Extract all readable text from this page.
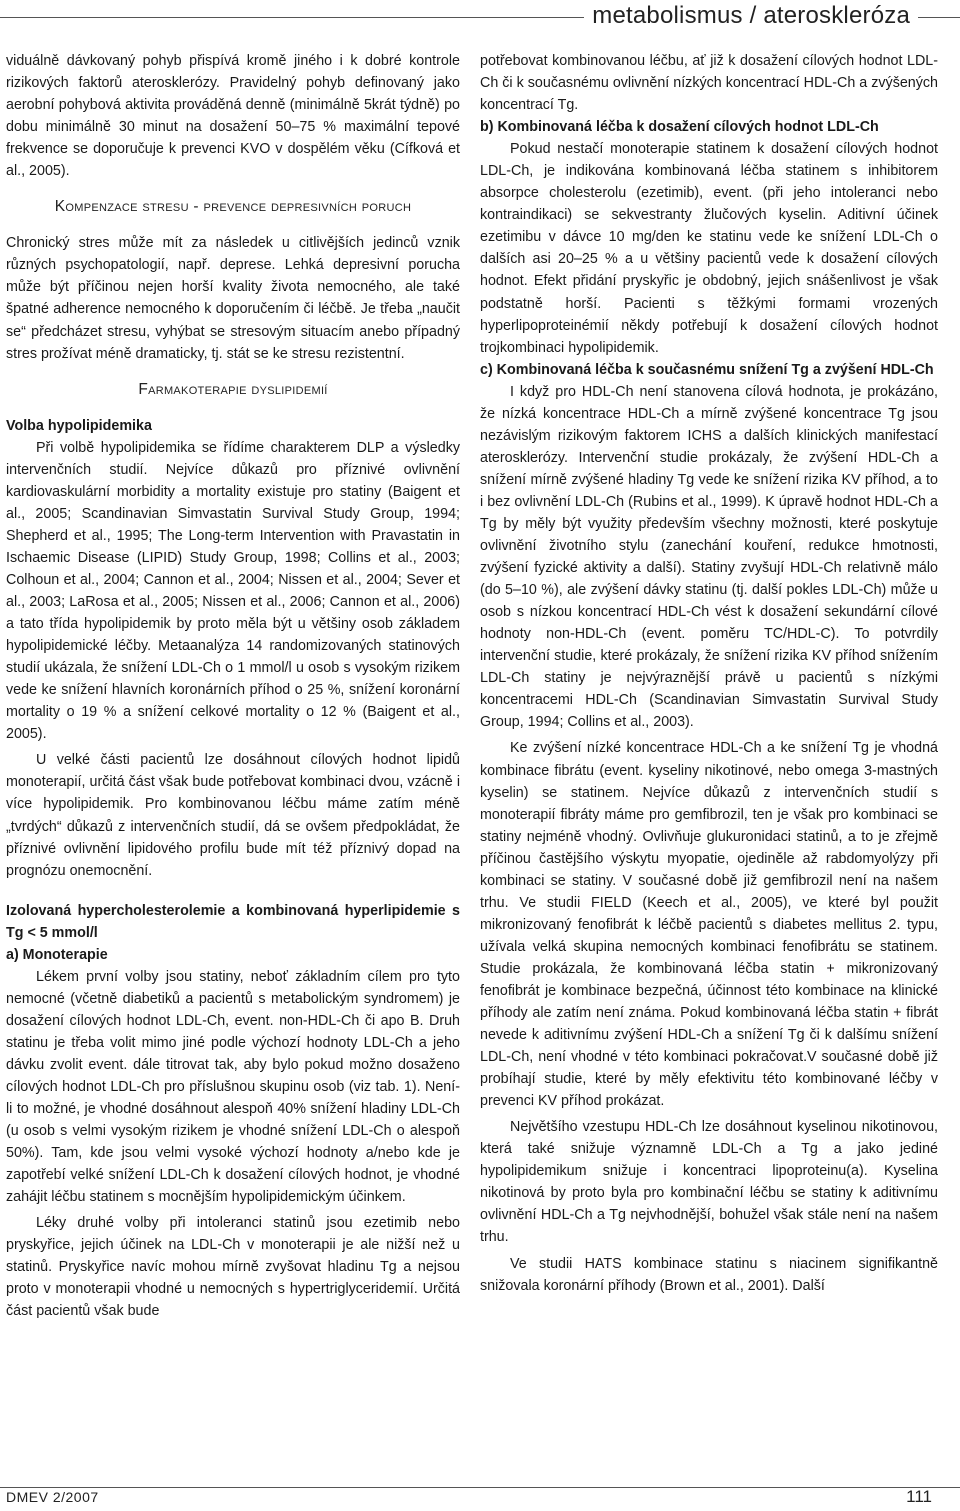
metabolismus / ateroskleróza

viduálně dávkovaný pohyb přispívá kromě jiného i k dobré kontrole rizikových faktorů aterosklerózy. Pravidelný pohyb definovaný jako aerobní pohybová aktivita prováděná denně (minimálně 5krát týdně) po dobu minimálně 30 minut na dosažení 50–75 % maximální tepové frekvence se doporučuje k prevenci KVO v dospělém věku (Cífková et al., 2005).

Kompenzace stresu - prevence depresivních poruch

Chronický stres může mít za následek u citlivějších jedinců vznik různých psychopatologií, např. deprese. Lehká depresivní porucha může být příčinou nejen horší kvality života nemocného, ale také špatné adherence nemocného k doporučením či léčbě. Je třeba „naučit se“ předcházet stresu, vyhýbat se stresovým situacím anebo případný stres prožívat méně dramaticky, tj. stát se ke stresu rezistentní.

Farmakoterapie dyslipidemií

Volba hypolipidemika

Při volbě hypolipidemika se řídíme charakterem DLP a výsledky intervenčních studií. Nejvíce důkazů pro příznivé ovlivnění kardiovaskulární morbidity a mortality existuje pro statiny (Baigent et al., 2005; Scandinavian Simvastatin Survival Study Group, 1994; Shepherd et al., 1995; The Long-term Intervention with Pravastatin in Ischaemic Disease (LIPID) Study Group, 1998; Collins et al., 2003; Colhoun et al., 2004; Cannon et al., 2004; Nissen et al., 2004; Sever et al., 2003; LaRosa et al., 2005; Nissen et al., 2006; Cannon et al., 2006) a tato třída hypolipidemik by proto měla být u většiny osob základem hypolipidemické léčby. Metaanalýza 14 randomizovaných statinových studií ukázala, že snížení LDL-Ch o 1 mmol/l u osob s vysokým rizikem vede ke snížení hlavních koronárních příhod o 25 %, snížení koronární mortality o 19 % a snížení celkové mortality o 12 % (Baigent et al., 2005).

U velké části pacientů lze dosáhnout cílových hodnot lipidů monoterapií, určitá část však bude potřebovat kombinaci dvou, vzácně i více hypolipidemik. Pro kombinovanou léčbu máme zatím méně „tvrdých“ důkazů z intervenčních studií, dá se ovšem předpokládat, že příznivé ovlivnění lipidového profilu bude mít též příznivý dopad na prognózu onemocnění.

Izolovaná hypercholesterolemie a kombinovaná hyperlipidemie s Tg < 5 mmol/l

a) Monoterapie

Lékem první volby jsou statiny, neboť základním cílem pro tyto nemocné (včetně diabetiků a pacientů s metabolickým syndromem) je dosažení cílových hodnot LDL-Ch, event. non-HDL-Ch či apo B. Druh statinu je třeba volit mimo jiné podle výchozí hodnoty LDL-Ch a jeho dávku zvolit event. dále titrovat tak, aby bylo pokud možno dosaženo cílových hodnot LDL-Ch pro příslušnou skupinu osob (viz tab. 1). Není-li to možné, je vhodné dosáhnout alespoň 40% snížení hladiny LDL-Ch (u osob s velmi vysokým rizikem je vhodné snížení LDL-Ch o alespoň 50%). Tam, kde jsou velmi vysoké výchozí hodnoty a/nebo kde je zapotřebí velké snížení LDL-Ch k dosažení cílových hodnot, je vhodné zahájit léčbu statinem s mocnějším hypolipidemickým účinkem.

Léky druhé volby při intoleranci statinů jsou ezetimib nebo pryskyřice, jejich účinek na LDL-Ch v monoterapii je ale nižší než u statinů. Pryskyřice navíc mohou mírně zvyšovat hladinu Tg a nejsou proto v monoterapii vhodné u nemocných s hypertriglyceridemií. Určitá část pacientů však bude

potřebovat kombinovanou léčbu, ať již k dosažení cílových hodnot LDL-Ch či k současnému ovlivnění nízkých koncentrací HDL-Ch a zvýšených koncentrací Tg.

b) Kombinovaná léčba k dosažení cílových hodnot LDL-Ch

Pokud nestačí monoterapie statinem k dosažení cílových hodnot LDL-Ch, je indikována kombinovaná léčba statinem s inhibitorem absorpce cholesterolu (ezetimib), event. (při jeho intoleranci nebo kontraindikaci) se sekvestranty žlučových kyselin. Aditivní účinek ezetimibu v dávce 10 mg/den ke statinu vede ke snížení LDL-Ch o dalších asi 20–25 % a u většiny pacientů vede k dosažení cílových hodnot. Efekt přidání pryskyřic je obdobný, jejich snášenlivost je však podstatně horší. Pacienti s těžkými formami vrozených hyperlipoproteinémií někdy potřebují k dosažení cílových hodnot trojkombinaci hypolipidemik.

c) Kombinovaná léčba k současnému snížení Tg a zvýšení HDL-Ch

I když pro HDL-Ch není stanovena cílová hodnota, je prokázáno, že nízká koncentrace HDL-Ch a mírně zvýšené koncentrace Tg jsou nezávislým rizikovým faktorem ICHS a dalších klinických manifestací aterosklerózy. Intervenční studie prokázaly, že zvýšení HDL-Ch a snížení mírně zvýšené hladiny Tg vede ke snížení rizika KV příhod, a to i bez ovlivnění LDL-Ch (Rubins et al., 1999). K úpravě hodnot HDL-Ch a Tg by měly být využity především všechny možnosti, které poskytuje ovlivnění životního stylu (zanechání kouření, redukce hmotnosti, zvýšení fyzické aktivity a další). Statiny zvyšují HDL-Ch relativně málo (do 5–10 %), ale zvýšení dávky statinu (tj. další pokles LDL-Ch) může u osob s nízkou koncentrací HDL-Ch vést k dosažení sekundární cílové hodnoty non-HDL-Ch (event. poměru TC/HDL-C). To potvrdily intervenční studie, které prokázaly, že snížení rizika KV příhod snížením LDL-Ch statiny je nejvýraznější právě u pacientů s nízkými koncentracemi HDL-Ch (Scandinavian Simvastatin Survival Study Group, 1994; Collins et al., 2003).

Ke zvýšení nízké koncentrace HDL-Ch a ke snížení Tg je vhodná kombinace fibrátu (event. kyseliny nikotinové, nebo omega 3-mastných kyselin) se statinem. Nejvíce důkazů z intervenčních studií s monoterapií fibráty máme pro gemfibrozil, ten je však pro kombinaci se statiny nejméně vhodný. Ovlivňuje glukuronidaci statinů, a to je zřejmě příčinou častějšího výskytu myopatie, ojediněle až rabdomyolýzy při kombinaci se statiny. V současné době již gemfibrozil není na našem trhu. Ve studii FIELD (Keech et al., 2005), ve které byl použit mikronizovaný fenofibrát k léčbě pacientů s diabetes mellitus 2. typu, užívala velká skupina nemocných kombinaci fenofibrátu se statinem. Studie prokázala, že kombinovaná léčba statin + mikronizovaný fenofibrát je kombinace bezpečná, účinnost této kombinace na klinické příhody ale zatím není známa. Pokud kombinovaná léčba statin + fibrát nevede k aditivnímu zvýšení HDL-Ch a snížení Tg či k dalšímu snížení LDL-Ch, není vhodné v této kombinaci pokračovat.V současné době již probíhají studie, které by měly efektivitu této kombinované léčby v prevenci KV příhod prokázat.

Největšího vzestupu HDL-Ch lze dosáhnout kyselinou nikotinovou, která také snižuje významně LDL-Ch a Tg a jako jediné hypolipidemikum snižuje i koncentraci lipoproteinu(a). Kyselina nikotinová by proto byla pro kombinační léčbu se statiny k aditivnímu ovlivnění HDL-Ch a Tg nejvhodnější, bohužel však stále není na našem trhu.

Ve studii HATS kombinace statinu s niacinem signifikantně snižovala koronární příhody (Brown et al., 2001). Další

DMEV 2/2007	111
